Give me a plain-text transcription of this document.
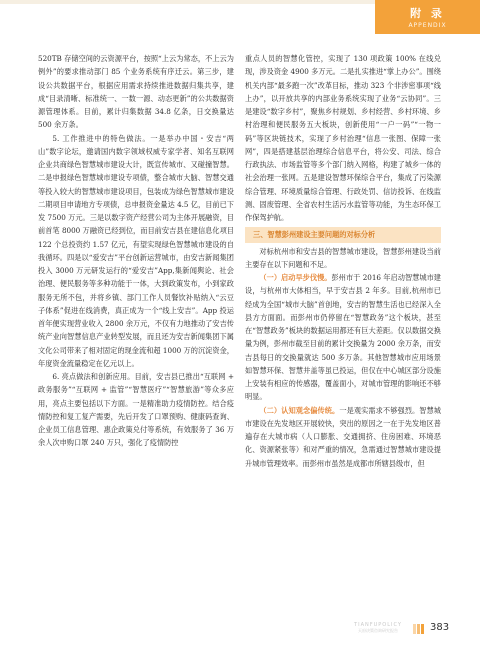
附 录
APPENDIX

520TB 存储空间的云资源平台，按照“上云为常态，不上云为例外”的要求推动部门 85 个业务系统有序迁云。第三步，建设公共数据平台，根据应用需求持续推进数据归集共享，建成“目录清晰、标准统一、一数一源、动态更新”的公共数据资源管理体系。目前，累计归集数据 34.8 亿条，日交换量达 500 余万条。

5. 工作推进中的特色做法。一是举办中国・安吉“两山”数字论坛，邀请国内数字领域权威专家学者、知名互联网企业共商绿色智慧城市建设大计，既宣传城市、又碰撞智慧。二是申报绿色智慧城市建设专项债，整合城市大脑、智慧交通等投入较大的智慧城市建设项目，包装成为绿色智慧城市建设二期项目申请地方专项债，总申报资金量达 4.5 亿，目前已下发 7500 万元。三是以数字资产经营公司为主体开展融资，目前首笔 8000 万融资已经到位，而目前安吉县在建信息化项目 122 个总投资约 1.57 亿元，有望实现绿色智慧城市建设的自我循环。四是以“爱安吉”平台创新运营城市，由安吉新闻集团投入 3000 万元研发运行的“爱安吉”App,集新闻舆论、社会治理、便民服务等多种功能于一体，大到政策发布，小到家政服务无所不包，并将乡镇、部门工作人员餐饮补贴纳入“云豆子体系”促进在线消费，真正成为一个“线上安吉”。App 投运首年便实现营业收入 2800 余万元，不仅有力地推动了安吉传统产业向智慧信息产业转型发展，而且还为安吉新闻集团下属文化公司带来了相对固定的现金流和超 1000 万的沉淀资金，年度资金流量稳定在亿元以上。

6. 亮点做法和创新应用。目前，安吉县已推出“互联网 + 政务服务”“互联网 + 监管”“智慧医疗”“智慧旅游”等众多应用，亮点主要包括以下方面。一是精准助力疫情防控。结合疫情防控和复工复产需要，先后开发了口罩预购、健康码查询、企业员工信息管理、惠企政策兑付等系统，有效服务了 36 万余人次申购口罩 240 万只，强化了疫情防控

重点人员的智慧化管控，实现了 130 项政策 100% 在线兑现，涉及资金 4900 多万元。二是扎实推进“掌上办公”。围绕机关内部“最多跑一次”改革目标，推动 323 个非涉密事项“线上办”，以开放共享的内部业务系统实现了业务“云协同”。三是建设“数字乡村”，聚焦乡村规划、乡村经营、乡村环境、乡村治理和便民服务五大板块，创新使用“一户一码”“一物一码”等区块链技术，实现了乡村治理“信息一张图、保障一张网”，四是搭建基层治理综合信息平台，将公安、司法、综合行政执法、市场监管等多个部门纳入网格，构建了城乡一体的社会治理一张网。五是建设智慧环保综合平台，集成了污染源综合管理、环境质量综合管理、行政处罚、信访投诉、在线监测、固废管理、全省农村生活污水监管等功能，为生态环保工作保驾护航。

三、智慧彭州建设主要问题的对标分析

对标杭州市和安吉县的智慧城市建设，智慧彭州建设当前主要存在以下问题和不足。

（一）启动早步伐慢。彭州市于 2016 年启动智慧城市建设，与杭州市大体相当，早于安吉县 2 年多。目前,杭州市已经成为全国“城市大脑”首创地，安吉的智慧生活也已经深入全县方方面面。而彭州市仍停留在“智慧政务”这个板块，甚至在“智慧政务”板块的数据运用都还有巨大差距。仅以数据交换量为例，彭州市截至目前的累计交换量为 2000 余万条，而安吉县每日的交换量就达 500 多万条。其他智慧城市应用场景如智慧环保、智慧井盖等虽已投运，但仅在中心城区部分设施上安装有相应的传感器，覆盖面小，对城市管理的影响还不够明显。

（二）认知观念偏传统。一是观实需求不够强烈。智慧城市建设在先发地区开展较快，突出的原因之一在于先发地区普遍存在大城市病（人口膨胀、交通拥挤、住房困难、环境恶化、资源紧张等）和对严重的情况，急需通过智慧城市建设提升城市管理效率。而彭州市虽然是成都市所辖县级市，但

TIANFUPOLICY
天府决策咨询研究报告	383
